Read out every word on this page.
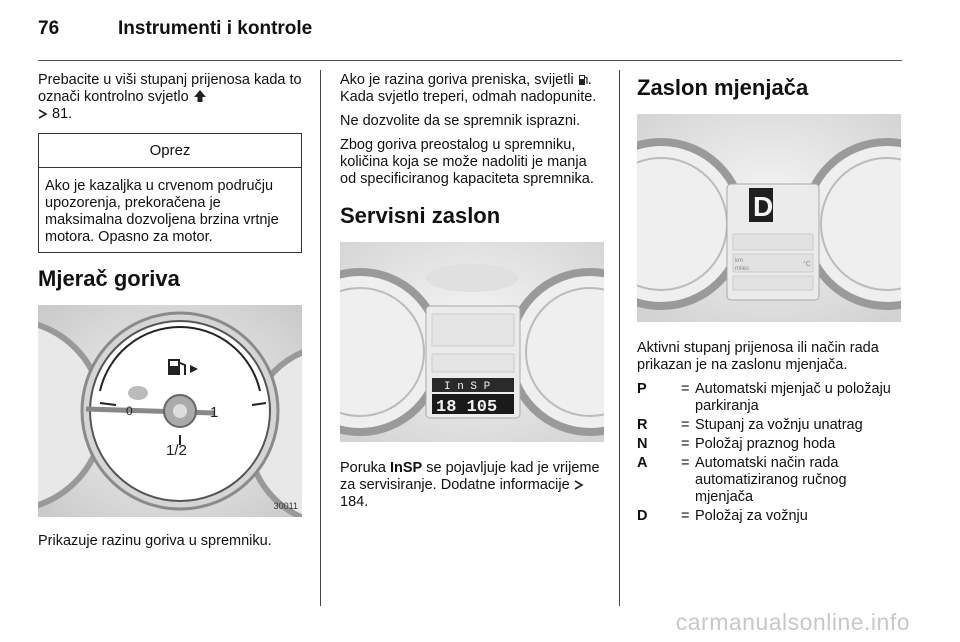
76	Instrumenti i kontrole

Prebacite u viši stupanj prijenosa kada to označi kontrolno svjetlo
81.

Oprez
Ako je kazaljka u crvenom području upozorenja, prekoračena je maksimalna dozvoljena brzina vrtnje motora. Opasno za motor.
Mjerač goriva
1
1/2
0
30011

Prikazuje razinu goriva u spremniku.

Ako je razina goriva preniska, svijetli . Kada svjetlo treperi, odmah nadopunite.

Ne dozvolite da se spremnik isprazni.

Zbog goriva preostalog u spremniku, količina koja se može nadoliti je manja od specificiranog kapaciteta spremnika.

Servisni zaslon
I n S P
18 105

Poruka InSP se pojavljuje kad je vrijeme za servisiranje. Dodatne informacije  184.

Zaslon mjenjača
D
km
miles
°C

Aktivni stupanj prijenosa ili način rada prikazan je na zaslonu mjenjača.

P	= Automatski mjenjač u položaju parkiranja
R	= Stupanj za vožnju unatrag
N	= Položaj praznog hoda
A	= Automatski način rada automatiziranog ručnog mjenjača
D	= Položaj za vožnju
carmanualsonline.info
